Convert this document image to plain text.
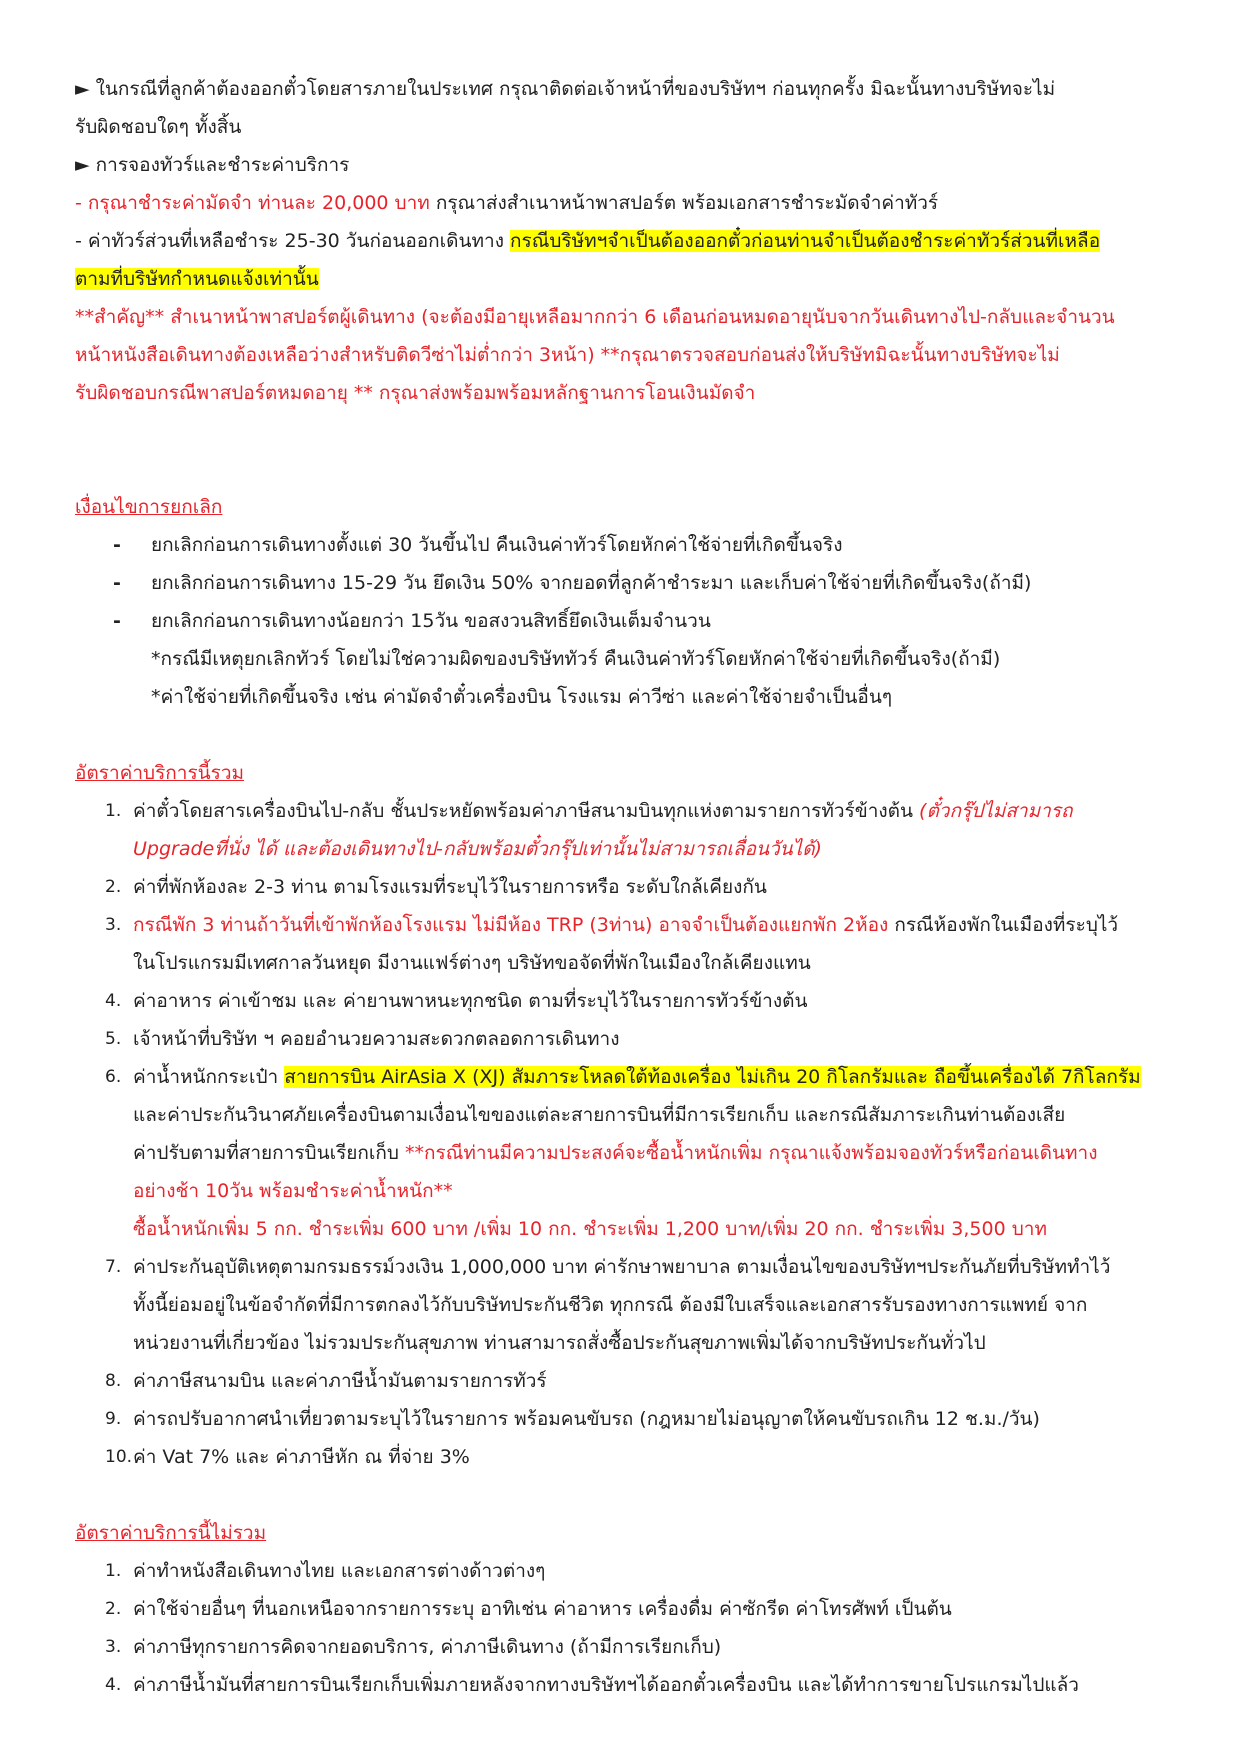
► ในกรณีที่ลูกค้าต้องออกตั๋วโดยสารภายในประเทศ กรุณาติดต่อเจ้าหน้าที่ของบริษัทฯ ก่อนทุกครั้ง มิฉะนั้นทางบริษัทจะไม่
รับผิดชอบใดๆ ทั้งสิ้น
► การจองทัวร์และชำระค่าบริการ
- กรุณาชำระค่ามัดจำ ท่านละ 20,000 บาท กรุณาส่งสำเนาหน้าพาสปอร์ต พร้อมเอกสารชำระมัดจำค่าทัวร์
- ค่าทัวร์ส่วนที่เหลือชำระ 25-30 วันก่อนออกเดินทาง กรณีบริษัทฯจำเป็นต้องออกตั๋วก่อนท่านจำเป็นต้องชำระค่าทัวร์ส่วนที่เหลือ
ตามที่บริษัทกำหนดแจ้งเท่านั้น
**สำคัญ** สำเนาหน้าพาสปอร์ตผู้เดินทาง (จะต้องมีอายุเหลือมากกว่า 6 เดือนก่อนหมดอายุนับจากวันเดินทางไป-กลับและจำนวน
หน้าหนังสือเดินทางต้องเหลือว่างสำหรับติดวีซ่าไม่ต่ำกว่า 3หน้า) **กรุณาตรวจสอบก่อนส่งให้บริษัทมิฉะนั้นทางบริษัทจะไม่
รับผิดชอบกรณีพาสปอร์ตหมดอายุ ** กรุณาส่งพร้อมพร้อมหลักฐานการโอนเงินมัดจำ
เงื่อนไขการยกเลิก
- ยกเลิกก่อนการเดินทางตั้งแต่ 30 วันขึ้นไป คืนเงินค่าทัวร์โดยหักค่าใช้จ่ายที่เกิดขึ้นจริง
- ยกเลิกก่อนการเดินทาง 15-29 วัน ยึดเงิน 50% จากยอดที่ลูกค้าชำระมา และเก็บค่าใช้จ่ายที่เกิดขึ้นจริง(ถ้ามี)
- ยกเลิกก่อนการเดินทางน้อยกว่า 15วัน ขอสงวนสิทธิ์ยึดเงินเต็มจำนวน
*กรณีมีเหตุยกเลิกทัวร์ โดยไม่ใช่ความผิดของบริษัททัวร์ คืนเงินค่าทัวร์โดยหักค่าใช้จ่ายที่เกิดขึ้นจริง(ถ้ามี)
*ค่าใช้จ่ายที่เกิดขึ้นจริง เช่น ค่ามัดจำตั๋วเครื่องบิน โรงแรม ค่าวีซ่า และค่าใช้จ่ายจำเป็นอื่นๆ
อัตราค่าบริการนี้รวม
1. ค่าตั๋วโดยสารเครื่องบินไป-กลับ ชั้นประหยัดพร้อมค่าภาษีสนามบินทุกแห่งตามรายการทัวร์ข้างต้น (ตั๋วกรุ๊ปไม่สามารถ
Upgradeที่นั่ง ได้ และต้องเดินทางไป-กลับพร้อมตั๋วกรุ๊ปเท่านั้นไม่สามารถเลื่อนวันได้)
2. ค่าที่พักห้องละ 2-3 ท่าน ตามโรงแรมที่ระบุไว้ในรายการหรือ ระดับใกล้เคียงกัน
3. กรณีพัก 3 ท่านถ้าวันที่เข้าพักห้องโรงแรม ไม่มีห้อง TRP (3ท่าน) อาจจำเป็นต้องแยกพัก 2ห้อง กรณีห้องพักในเมืองที่ระบุไว้
ในโปรแกรมมีเทศกาลวันหยุด มีงานแฟร์ต่างๆ บริษัทขอจัดที่พักในเมืองใกล้เคียงแทน
4. ค่าอาหาร ค่าเข้าชม และ ค่ายานพาหนะทุกชนิด ตามที่ระบุไว้ในรายการทัวร์ข้างต้น
5. เจ้าหน้าที่บริษัท ฯ คอยอำนวยความสะดวกตลอดการเดินทาง
6. ค่าน้ำหนักกระเป๋า สายการบิน AirAsia X (XJ) สัมภาระโหลดใต้ท้องเครื่อง ไม่เกิน 20 กิโลกรัมและ ถือขึ้นเครื่องได้ 7กิโลกรัม
และค่าประกันวินาศภัยเครื่องบินตามเงื่อนไขของแต่ละสายการบินที่มีการเรียกเก็บ และกรณีสัมภาระเกินท่านต้องเสีย
ค่าปรับตามที่สายการบินเรียกเก็บ **กรณีท่านมีความประสงค์จะซื้อน้ำหนักเพิ่ม กรุณาแจ้งพร้อมจองทัวร์หรือก่อนเดินทาง
อย่างช้า 10วัน พร้อมชำระค่าน้ำหนัก**
ซื้อน้ำหนักเพิ่ม 5 กก. ชำระเพิ่ม 600 บาท /เพิ่ม 10 กก. ชำระเพิ่ม 1,200 บาท/เพิ่ม 20 กก. ชำระเพิ่ม 3,500 บาท
7. ค่าประกันอุบัติเหตุตามกรมธรรม์วงเงิน 1,000,000 บาท ค่ารักษาพยาบาล ตามเงื่อนไขของบริษัทฯประกันภัยที่บริษัททำไว้
ทั้งนี้ย่อมอยู่ในข้อจำกัดที่มีการตกลงไว้กับบริษัทประกันชีวิต ทุกกรณี ต้องมีใบเสร็จและเอกสารรับรองทางการแพทย์ จาก
หน่วยงานที่เกี่ยวข้อง ไม่รวมประกันสุขภาพ ท่านสามารถสั่งซื้อประกันสุขภาพเพิ่มได้จากบริษัทประกันทั่วไป
8. ค่าภาษีสนามบิน และค่าภาษีน้ำมันตามรายการทัวร์
9. ค่ารถปรับอากาศนำเที่ยวตามระบุไว้ในรายการ พร้อมคนขับรถ (กฎหมายไม่อนุญาตให้คนขับรถเกิน 12 ช.ม./วัน)
10. ค่า Vat 7% และ ค่าภาษีหัก ณ ที่จ่าย 3%
อัตราค่าบริการนี้ไม่รวม
1. ค่าทำหนังสือเดินทางไทย และเอกสารต่างด้าวต่างๆ
2. ค่าใช้จ่ายอื่นๆ ที่นอกเหนือจากรายการระบุ อาทิเช่น ค่าอาหาร เครื่องดื่ม ค่าซักรีด ค่าโทรศัพท์ เป็นต้น
3. ค่าภาษีทุกรายการคิดจากยอดบริการ, ค่าภาษีเดินทาง (ถ้ามีการเรียกเก็บ)
4. ค่าภาษีน้ำมันที่สายการบินเรียกเก็บเพิ่มภายหลังจากทางบริษัทฯได้ออกตั๋วเครื่องบิน และได้ทำการขายโปรแกรมไปแล้ว
